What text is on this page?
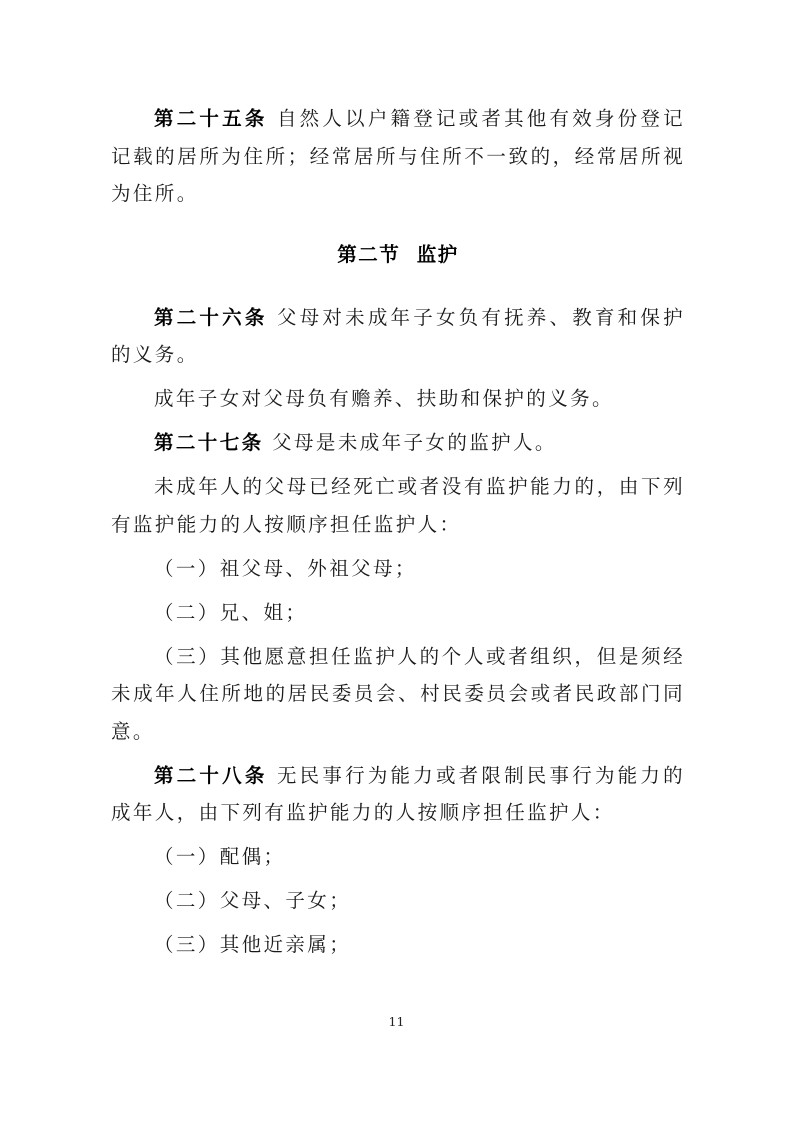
第二十五条 自然人以户籍登记或者其他有效身份登记记载的居所为住所；经常居所与住所不一致的，经常居所视为住所。

第二节  监护

第二十六条 父母对未成年子女负有抚养、教育和保护的义务。

成年子女对父母负有赡养、扶助和保护的义务。

第二十七条 父母是未成年子女的监护人。

未成年人的父母已经死亡或者没有监护能力的，由下列有监护能力的人按顺序担任监护人：

（一）祖父母、外祖父母；

（二）兄、姐；

（三）其他愿意担任监护人的个人或者组织，但是须经未成年人住所地的居民委员会、村民委员会或者民政部门同意。

第二十八条 无民事行为能力或者限制民事行为能力的成年人，由下列有监护能力的人按顺序担任监护人：

（一）配偶；

（二）父母、子女；

（三）其他近亲属；

11
